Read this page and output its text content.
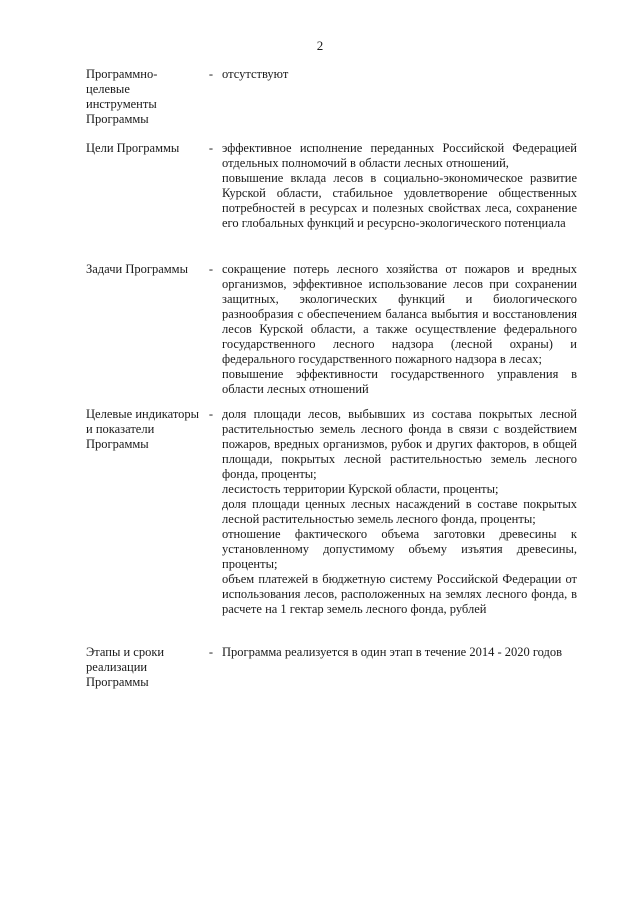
2
Программно-целевые инструменты Программы
- отсутствуют

Цели Программы	- эффективное исполнение переданных Российской Федерацией отдельных полномочий в области лесных отношений,

повышение вклада лесов в социально-экономическое развитие Курской области, стабильное удовлетворение общественных потребностей в ресурсах и полезных свойствах леса, сохранение его глобальных функций и ресурсно-экологического потенциала

Задачи Программы	- сокращение потерь лесного хозяйства от пожаров и вредных организмов, эффективное использование лесов при сохранении защитных, экологических функций и биологического разнообразия с обеспечением баланса выбытия и восстановления лесов Курской области, а также осуществление федерального государственного лесного надзора (лесной охраны) и федерального государственного пожарного надзора в лесах;

повышение эффективности государственного управления в области лесных отношений

Целевые индикаторы и показатели Программы
- доля площади лесов, выбывших из состава покрытых лесной растительностью земель лесного фонда в связи с воздействием пожаров, вредных организмов, рубок и других факторов, в общей площади, покрытых лесной растительностью земель лесного фонда, проценты;

лесистость территории Курской области, проценты;

доля площади ценных лесных насаждений в составе покрытых лесной растительностью земель лесного фонда, проценты;

отношение фактического объема заготовки древесины к установленному допустимому объему изъятия древесины, проценты;

объем платежей в бюджетную систему Российской Федерации от использования лесов, расположенных на землях лесного фонда, в расчете на 1 гектар земель лесного фонда, рублей

Этапы и сроки реализации Программы
- Программа реализуется в один этап в течение 2014 - 2020 годов
